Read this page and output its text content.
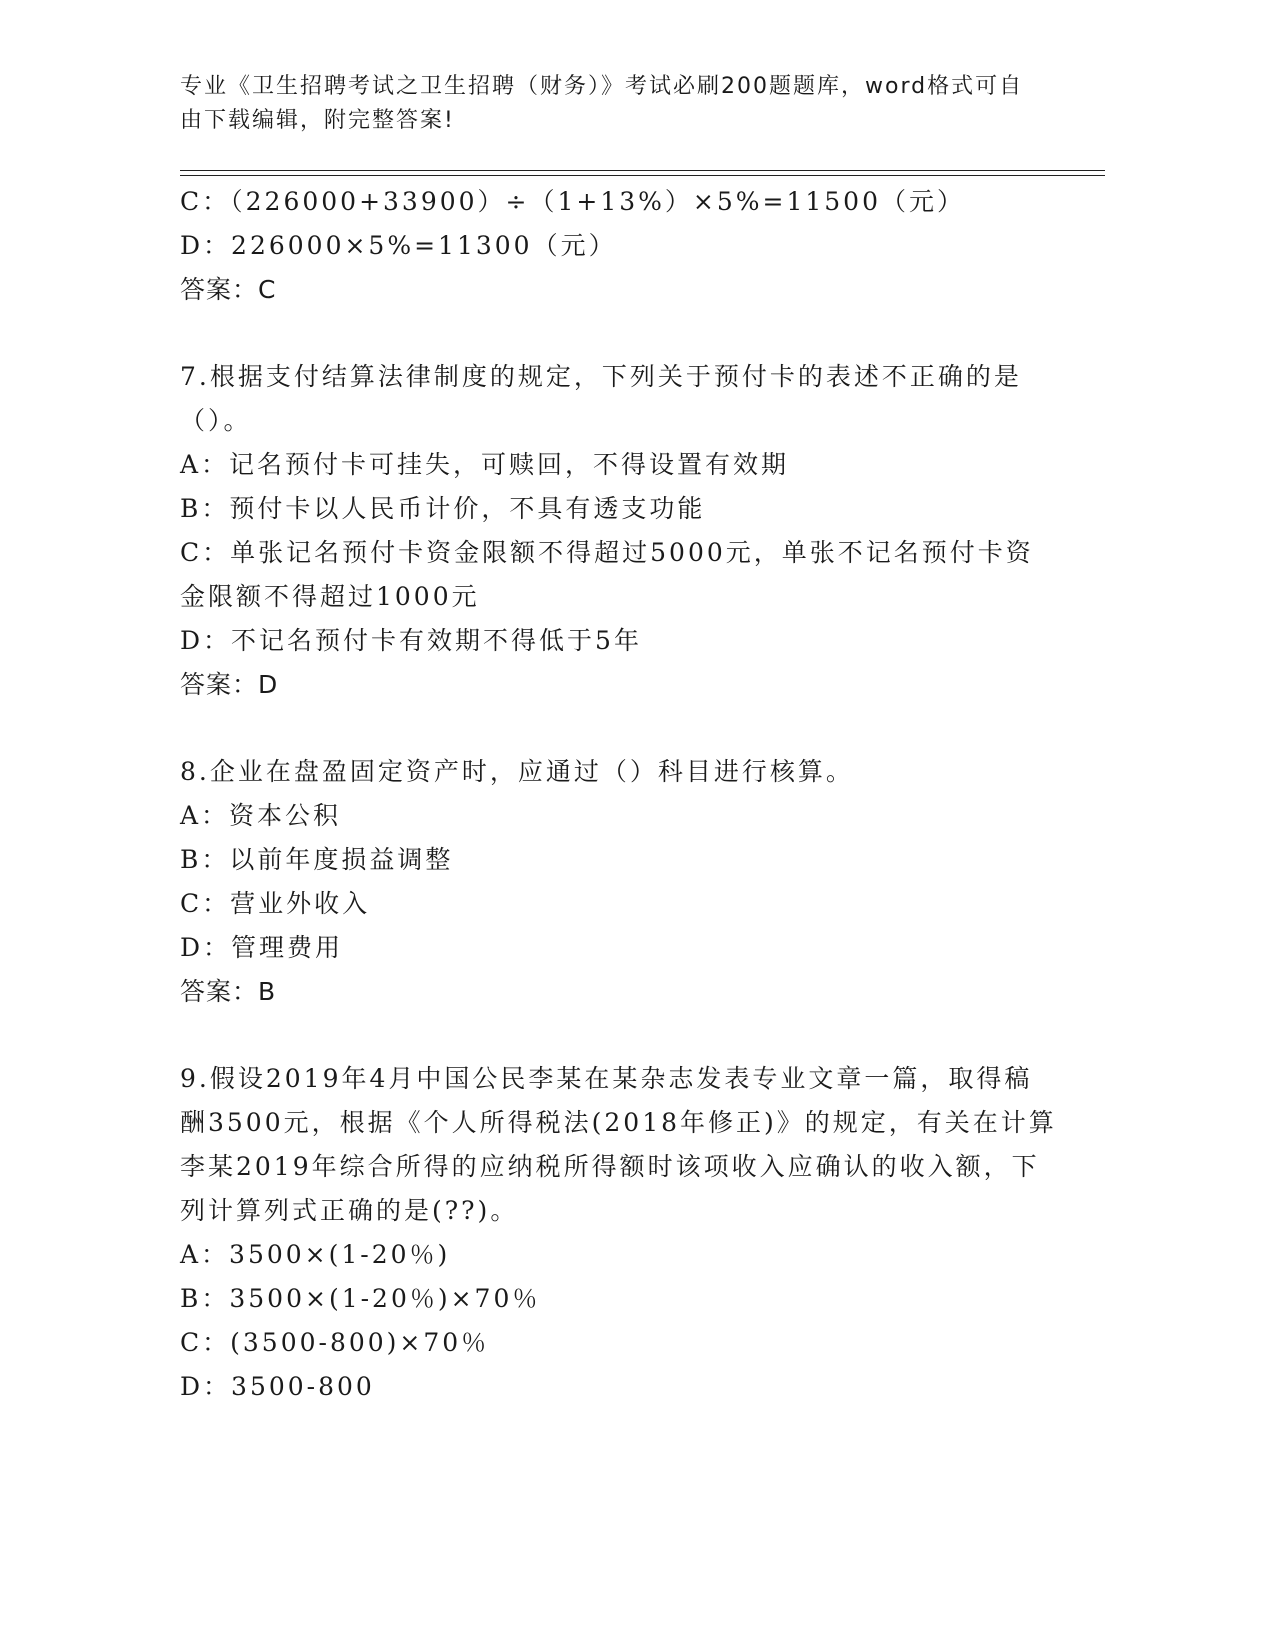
专业《卫生招聘考试之卫生招聘（财务）》考试必刷200题题库，word格式可自
由下载编辑，附完整答案!
C：（226000+33900）÷（1+13%）×5%=11500（元）
D：226000×5%=11300（元）
答案：C
7.根据支付结算法律制度的规定，下列关于预付卡的表述不正确的是
（）。
A：记名预付卡可挂失，可赎回，不得设置有效期
B：预付卡以人民币计价，不具有透支功能
C：单张记名预付卡资金限额不得超过5000元，单张不记名预付卡资
金限额不得超过1000元
D：不记名预付卡有效期不得低于5年
答案：D
8.企业在盘盈固定资产时，应通过（）科目进行核算。
A：资本公积
B：以前年度损益调整
C：营业外收入
D：管理费用
答案：B
9.假设2019年4月中国公民李某在某杂志发表专业文章一篇，取得稿
酬3500元，根据《个人所得税法(2018年修正)》的规定，有关在计算
李某2019年综合所得的应纳税所得额时该项收入应确认的收入额，下
列计算列式正确的是(??)。
A：3500×(1-20％)
B：3500×(1-20％)×70％
C：(3500-800)×70％
D：3500-800
